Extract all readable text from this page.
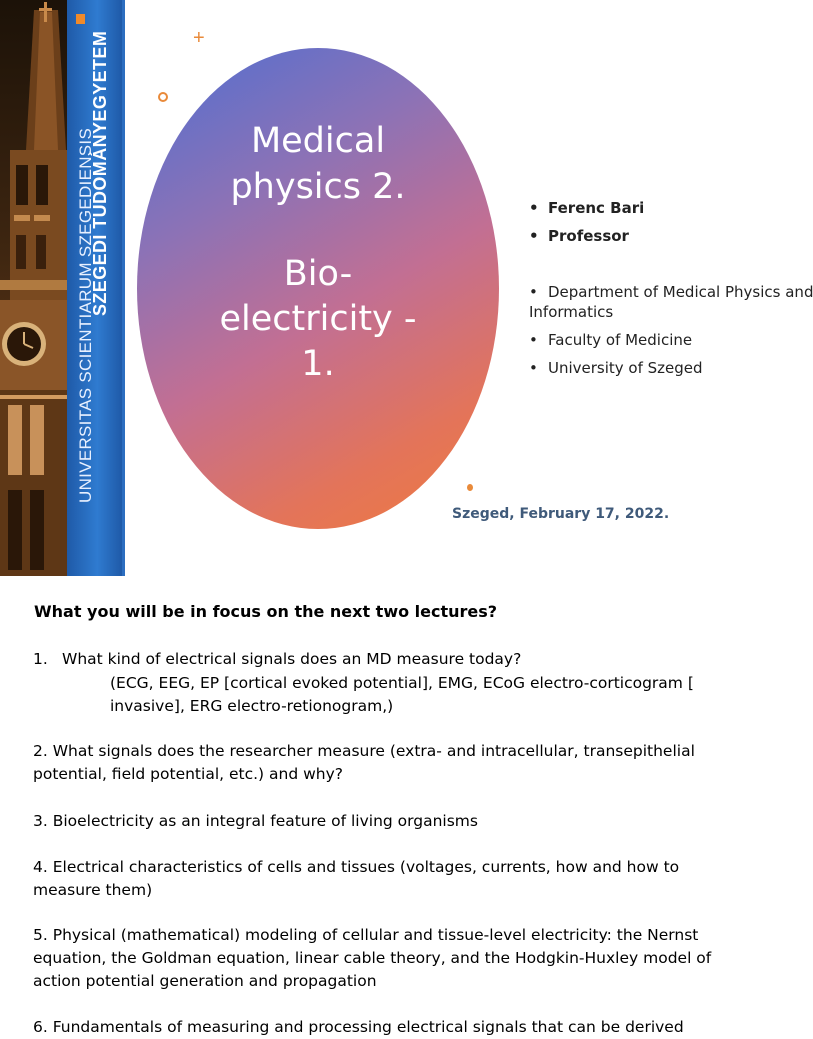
UNIVERSITAS SCIENTIARUM SZEGEDIENSIS
SZEGEDI TUDOMÁNYEGYETEM	+
Medical
physics 2.
Bio-
electricity -
1.
• Ferenc Bari
• Professor
• Department of Medical Physics and
Informatics
• Faculty of Medicine
• University of Szeged
Szeged, February 17, 2022.
What you will be in focus on the next two lectures?
1. What kind of electrical signals does an MD measure today?
(ECG, EEG, EP [cortical evoked potential], EMG, ECoG electro-corticogram [ invasive], ERG electro-retionogram,)
2. What signals does the researcher measure (extra- and intracellular, transepithelial potential, field potential, etc.) and why?
3. Bioelectricity as an integral feature of living organisms
4. Electrical characteristics of cells and tissues (voltages, currents, how and how to measure them)
5. Physical (mathematical) modeling of cellular and tissue-level electricity: the Nernst equation, the Goldman equation, linear cable theory, and the Hodgkin-Huxley model of action potential generation and propagation
6. Fundamentals of measuring and processing electrical signals that can be derived
